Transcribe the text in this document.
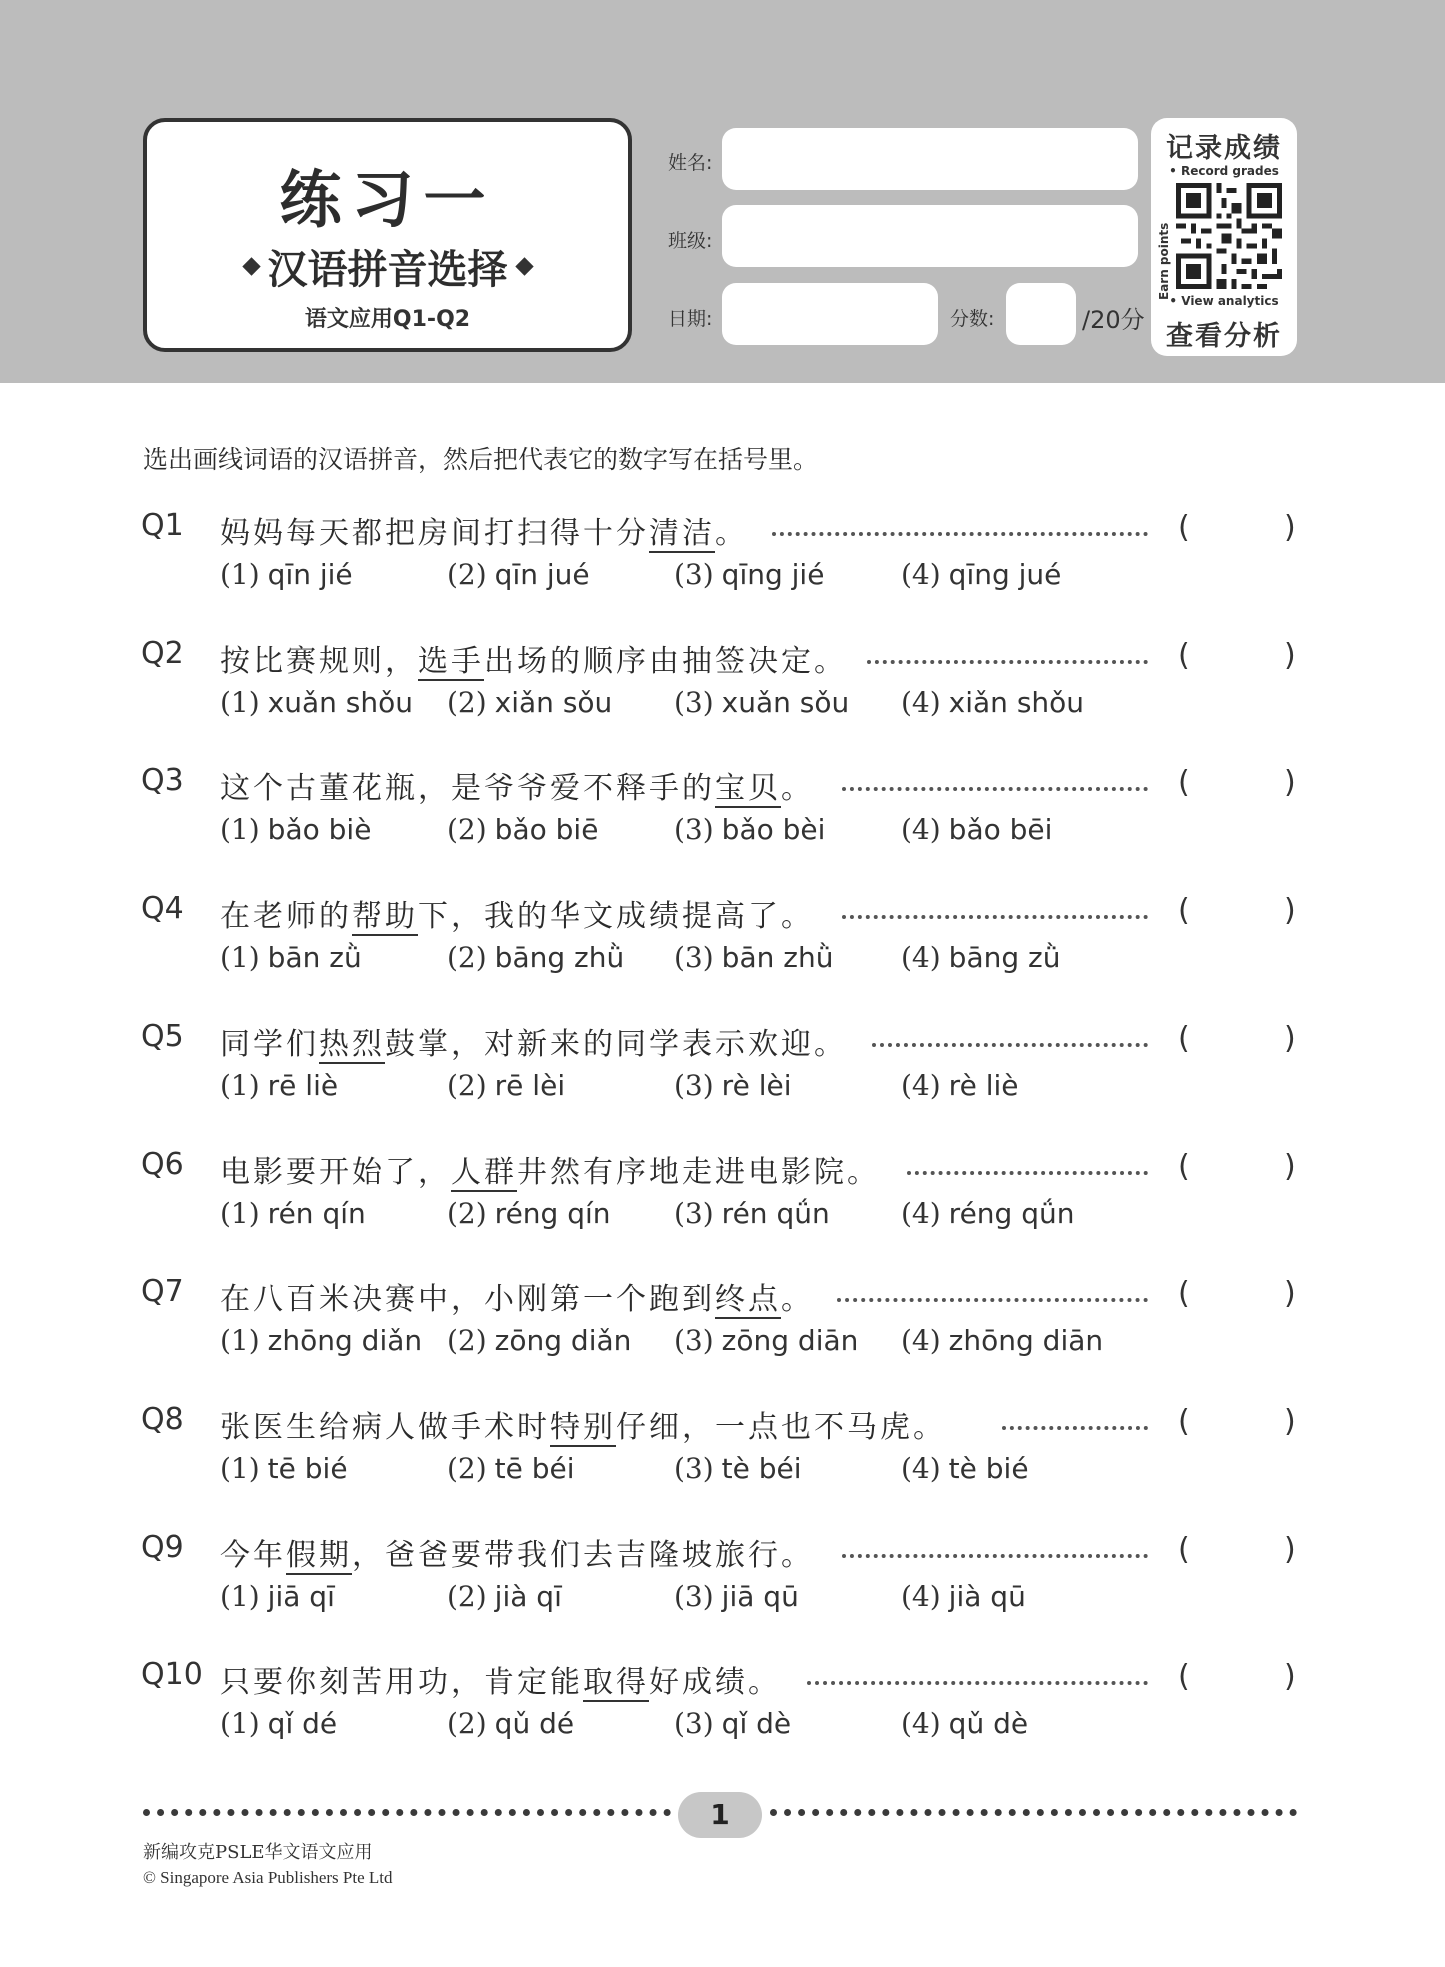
练习一
汉语拼音选择
语文应用Q1-Q2
姓名:
班级:
日期:	分数:	/20分
记录成绩
• Record grades
Earn points
• View analytics
查看分析
选出画线词语的汉语拼音，然后把代表它的数字写在括号里。
Q1 妈妈每天都把房间打扫得十分清洁。	(	)
(1) qīn jié	(2) qīn jué	(3) qīng jié	(4) qīng jué
Q2 按比赛规则，选手出场的顺序由抽签决定。	(	)
(1) xuǎn shǒu (2) xiǎn sǒu (3) xuǎn sǒu (4) xiǎn shǒu
Q3 这个古董花瓶，是爷爷爱不释手的宝贝。	(	)
(1) bǎo biè	(2) bǎo biē	(3) bǎo bèi	(4) bǎo bēi
Q4 在老师的帮助下，我的华文成绩提高了。	(	)
(1) bān zǜ	(2) bāng zhǜ (3) bān zhǜ (4) bāng zǜ
Q5 同学们热烈鼓掌，对新来的同学表示欢迎。	(	)
(1) rē liè	(2) rē lèi	(3) rè lèi	(4) rè liè
Q6 电影要开始了，人群井然有序地走进电影院。	(	)
(1) rén qín	(2) réng qín (3) rén qǘn	(4) réng qǘn
Q7 在八百米决赛中，小刚第一个跑到终点。	(	)
(1) zhōng diǎn (2) zōng diǎn (3) zōng diān (4) zhōng diān
Q8 张医生给病人做手术时特别仔细，一点也不马虎。	(	)
(1) tē bié	(2) tē béi	(3) tè béi	(4) tè bié
Q9 今年假期，爸爸要带我们去吉隆坡旅行。	(	)
(1) jiā qī	(2) jià qī	(3) jiā qū	(4) jià qū
Q10 只要你刻苦用功，肯定能取得好成绩。	(	)
(1) qǐ dé	(2) qǔ dé	(3) qǐ dè	(4) qǔ dè
1
新编攻克PSLE华文语文应用
© Singapore Asia Publishers Pte Ltd
